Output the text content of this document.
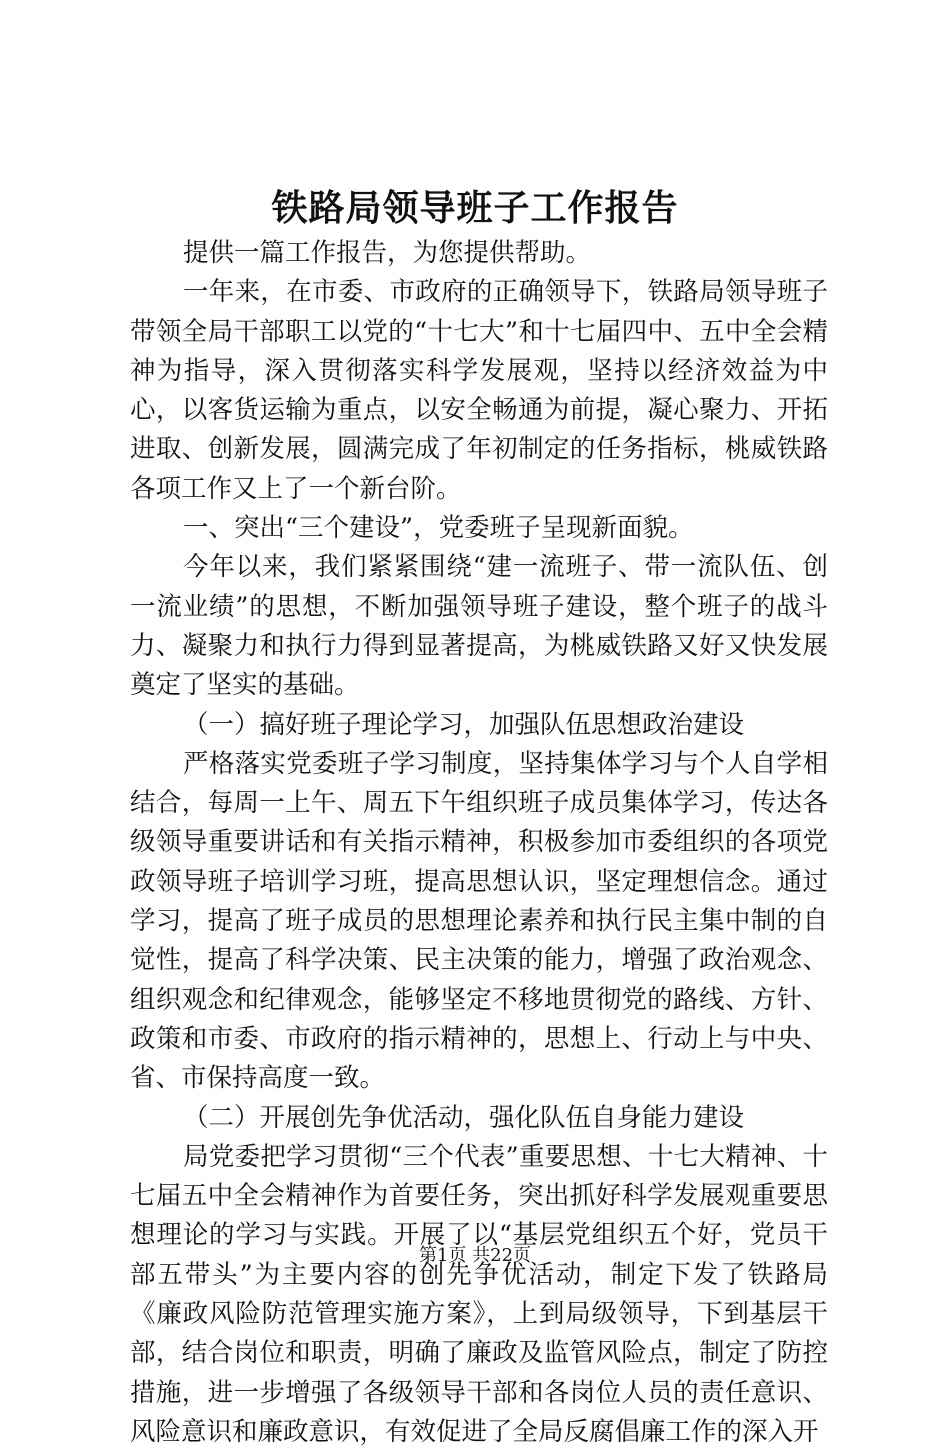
铁路局领导班子工作报告

提供一篇工作报告，为您提供帮助。

一年来，在市委、市政府的正确领导下，铁路局领导班子带领全局干部职工以党的“十七大”和十七届四中、五中全会精神为指导，深入贯彻落实科学发展观，坚持以经济效益为中心，以客货运输为重点，以安全畅通为前提，凝心聚力、开拓进取、创新发展，圆满完成了年初制定的任务指标，桃威铁路各项工作又上了一个新台阶。

一、突出“三个建设”，党委班子呈现新面貌。

今年以来，我们紧紧围绕“建一流班子、带一流队伍、创一流业绩”的思想，不断加强领导班子建设，整个班子的战斗力、凝聚力和执行力得到显著提高，为桃威铁路又好又快发展奠定了坚实的基础。

（一）搞好班子理论学习，加强队伍思想政治建设

严格落实党委班子学习制度，坚持集体学习与个人自学相结合，每周一上午、周五下午组织班子成员集体学习，传达各级领导重要讲话和有关指示精神，积极参加市委组织的各项党政领导班子培训学习班，提高思想认识，坚定理想信念。通过学习，提高了班子成员的思想理论素养和执行民主集中制的自觉性，提高了科学决策、民主决策的能力，增强了政治观念、组织观念和纪律观念，能够坚定不移地贯彻党的路线、方针、政策和市委、市政府的指示精神的，思想上、行动上与中央、省、市保持高度一致。

（二）开展创先争优活动，强化队伍自身能力建设

局党委把学习贯彻“三个代表”重要思想、十七大精神、十七届五中全会精神作为首要任务，突出抓好科学发展观重要思想理论的学习与实践。开展了以“基层党组织五个好，党员干部五带头”为主要内容的创先争优活动，制定下发了铁路局《廉政风险防范管理实施方案》，上到局级领导，下到基层干部，结合岗位和职责，明确了廉政及监管风险点，制定了防控措施，进一步增强了各级领导干部和各岗位人员的责任意识、风险意识和廉政意识，有效促进了全局反腐倡廉工作的深入开

第1页 共22页
